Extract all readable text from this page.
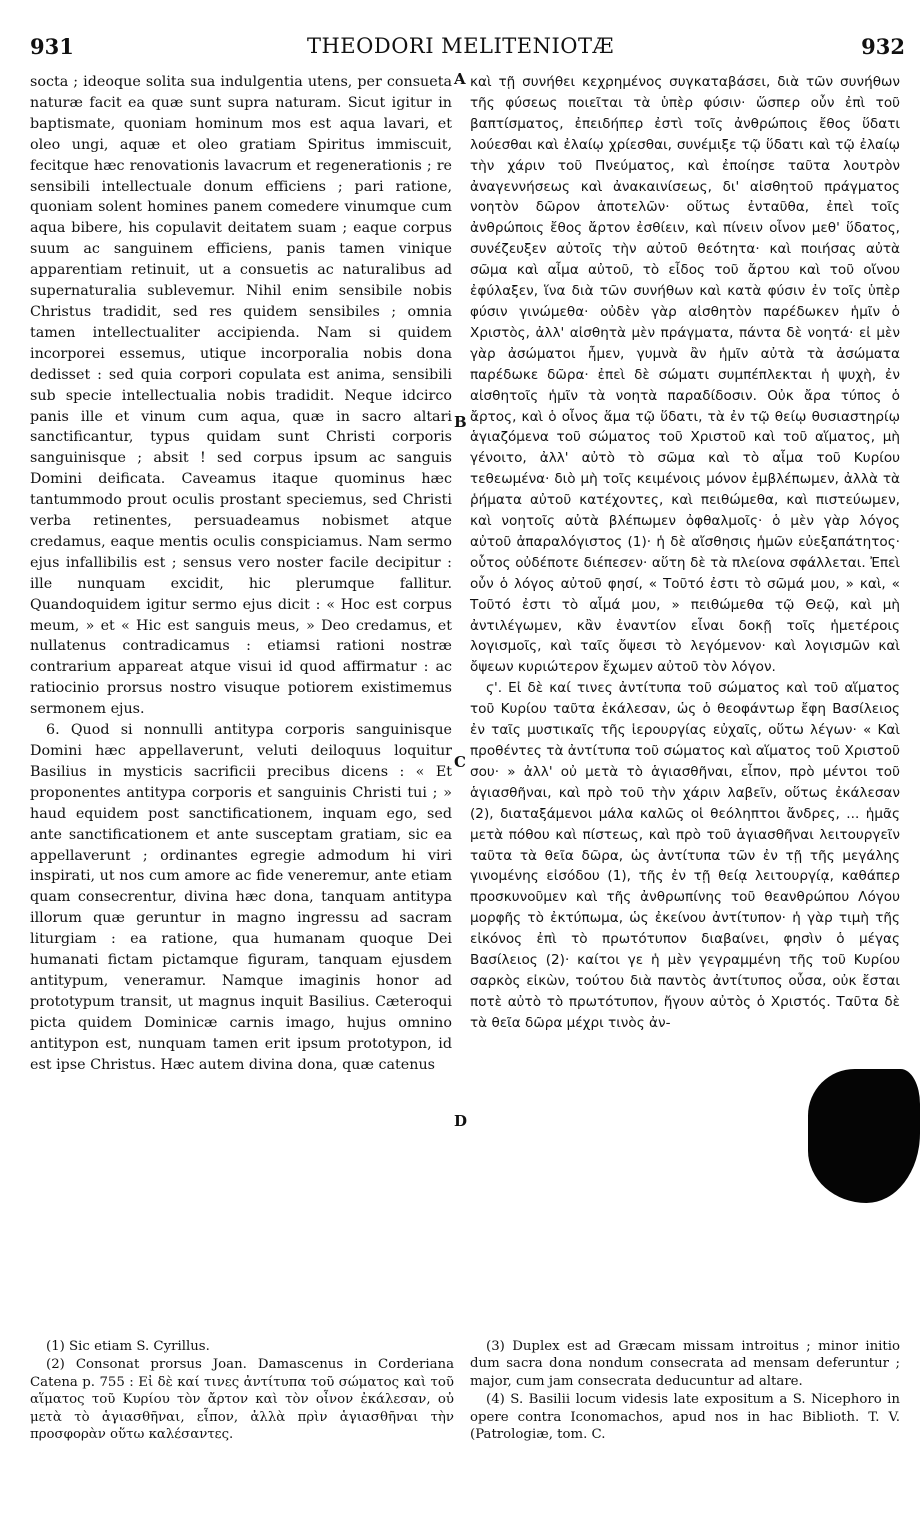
931	THEODORI MELITENIOTÆ	932

socta ; ideoque solita sua indulgentia utens, per consueta naturæ facit ea quæ sunt supra naturam. Sicut igitur in baptismate, quoniam hominum mos est aqua lavari, et oleo ungi, aquæ et oleo gratiam Spiritus immiscuit, fecitque hæc renovationis lavacrum et regenerationis ; re sensibili intellectuale donum efficiens ; pari ratione, quoniam solent homines panem comedere vinumque cum aqua bibere, his copulavit deitatem suam ; eaque corpus suum ac sanguinem efficiens, panis tamen vinique apparentiam retinuit, ut a consuetis ac naturalibus ad supernaturalia sublevemur. Nihil enim sensibile nobis Christus tradidit, sed res quidem sensibiles ; omnia tamen intellectualiter accipienda. Nam si quidem incorporei essemus, utique incorporalia nobis dona dedisset : sed quia corpori copulata est anima, sensibili sub specie intellectualia nobis tradidit. Neque idcirco panis ille et vinum cum aqua, quæ in sacro altari sanctificantur, typus quidam sunt Christi corporis sanguinisque ; absit ! sed corpus ipsum ac sanguis Domini deificata. Caveamus itaque quominus hæc tantummodo prout oculis prostant speciemus, sed Christi verba retinentes, persuadeamus nobismet atque credamus, eaque mentis oculis conspiciamus. Nam sermo ejus infallibilis est ; sensus vero noster facile decipitur : ille nunquam excidit, hic plerumque fallitur. Quandoquidem igitur sermo ejus dicit : « Hoc est corpus meum, » et « Hic est sanguis meus, » Deo credamus, et nullatenus contradicamus : etiamsi rationi nostræ contrarium appareat atque visui id quod affirmatur : ac ratiocinio prorsus nostro visuque potiorem existimemus sermonem ejus.

6. Quod si nonnulli antitypa corporis sanguinisque Domini hæc appellaverunt, veluti deiloquus loquitur Basilius in mysticis sacrificii precibus dicens : « Et proponentes antitypa corporis et sanguinis Christi tui ; » haud equidem post sanctificationem, inquam ego, sed ante sanctificationem et ante susceptam gratiam, sic ea appellaverunt ; ordinantes egregie admodum hi viri inspirati, ut nos cum amore ac fide veneremur, ante etiam quam consecrentur, divina hæc dona, tanquam antitypa illorum quæ geruntur in magno ingressu ad sacram liturgiam : ea ratione, qua humanam quoque Dei humanati fictam pictamque figuram, tanquam ejusdem antitypum, veneramur. Namque imaginis honor ad prototypum transit, ut magnus inquit Basilius. Cæteroqui picta quidem Dominicæ carnis imago, hujus omnino antitypon est, nunquam tamen erit ipsum prototypon, id est ipse Christus. Hæc autem divina dona, quæ catenus

A
B
C
D

καὶ τῇ συνήθει κεχρημένος συγκαταβάσει, διὰ τῶν συνήθων τῆς φύσεως ποιεῖται τὰ ὑπὲρ φύσιν· ὥσπερ οὖν ἐπὶ τοῦ βαπτίσματος, ἐπειδήπερ ἐστὶ τοῖς ἀνθρώποις ἔθος ὕδατι λούεσθαι καὶ ἐλαίῳ χρίεσθαι, συνέμιξε τῷ ὕδατι καὶ τῷ ἐλαίῳ τὴν χάριν τοῦ Πνεύματος, καὶ ἐποίησε ταῦτα λουτρὸν ἀναγεννήσεως καὶ ἀνακαινίσεως, δι' αἰσθητοῦ πράγματος νοητὸν δῶρον ἀποτελῶν· οὕτως ἐνταῦθα, ἐπεὶ τοῖς ἀνθρώποις ἔθος ἄρτον ἐσθίειν, καὶ πίνειν οἶνον μεθ' ὕδατος, συνέζευξεν αὐτοῖς τὴν αὐτοῦ θεότητα· καὶ ποιήσας αὐτὰ σῶμα καὶ αἷμα αὐτοῦ, τὸ εἶδος τοῦ ἄρτου καὶ τοῦ οἴνου ἐφύλαξεν, ἵνα διὰ τῶν συνήθων καὶ κατὰ φύσιν ἐν τοῖς ὑπὲρ φύσιν γινώμεθα· οὐδὲν γὰρ αἰσθητὸν παρέδωκεν ἡμῖν ὁ Χριστὸς, ἀλλ' αἰσθητὰ μὲν πράγματα, πάντα δὲ νοητά· εἰ μὲν γὰρ ἀσώματοι ἦμεν, γυμνὰ ἂν ἡμῖν αὐτὰ τὰ ἀσώματα παρέδωκε δῶρα· ἐπεὶ δὲ σώματι συμπέπλεκται ἡ ψυχὴ, ἐν αἰσθητοῖς ἡμῖν τὰ νοητὰ παραδίδοσιν. Οὐκ ἄρα τύπος ὁ ἄρτος, καὶ ὁ οἶνος ἅμα τῷ ὕδατι, τὰ ἐν τῷ θείῳ θυσιαστηρίῳ ἁγιαζόμενα τοῦ σώματος τοῦ Χριστοῦ καὶ τοῦ αἵματος, μὴ γένοιτο, ἀλλ' αὐτὸ τὸ σῶμα καὶ τὸ αἷμα τοῦ Κυρίου τεθεωμένα· διὸ μὴ τοῖς κειμένοις μόνον ἐμβλέπωμεν, ἀλλὰ τὰ ῥήματα αὐτοῦ κατέχοντες, καὶ πειθώμεθα, καὶ πιστεύωμεν, καὶ νοητοῖς αὐτὰ βλέπωμεν ὀφθαλμοῖς· ὁ μὲν γὰρ λόγος αὐτοῦ ἀπαραλόγιστος (1)· ἡ δὲ αἴσθησις ἡμῶν εὐεξαπάτητος· οὗτος οὐδέποτε διέπεσεν· αὕτη δὲ τὰ πλείονα σφάλλεται. Ἐπεὶ οὖν ὁ λόγος αὐτοῦ φησί, « Τοῦτό ἐστι τὸ σῶμά μου, » καὶ, « Τοῦτό ἐστι τὸ αἷμά μου, » πειθώμεθα τῷ Θεῷ, καὶ μὴ ἀντιλέγωμεν, κἂν ἐναντίον εἶναι δοκῇ τοῖς ἡμετέροις λογισμοῖς, καὶ ταῖς ὄψεσι τὸ λεγόμενον· καὶ λογισμῶν καὶ ὄψεων κυριώτερον ἔχωμεν αὐτοῦ τὸν λόγον.

ϛ'. Εἰ δὲ καί τινες ἀντίτυπα τοῦ σώματος καὶ τοῦ αἵματος τοῦ Κυρίου ταῦτα ἐκάλεσαν, ὡς ὁ θεοφάντωρ ἔφη Βασίλειος ἐν ταῖς μυστικαῖς τῆς ἱερουργίας εὐχαῖς, οὕτω λέγων· « Καὶ προθέντες τὰ ἀντίτυπα τοῦ σώματος καὶ αἵματος τοῦ Χριστοῦ σου· » ἀλλ' οὐ μετὰ τὸ ἁγιασθῆναι, εἶπον, πρὸ μέντοι τοῦ ἁγιασθῆναι, καὶ πρὸ τοῦ τὴν χάριν λαβεῖν, οὕτως ἐκάλεσαν (2), διαταξάμενοι μάλα καλῶς οἱ θεόληπτοι ἄνδρες, ... ἡμᾶς μετὰ πόθου καὶ πίστεως, καὶ πρὸ τοῦ ἁγιασθῆναι λειτουργεῖν ταῦτα τὰ θεῖα δῶρα, ὡς ἀντίτυπα τῶν ἐν τῇ τῆς μεγάλης γινομένης εἰσόδου (1), τῆς ἐν τῇ θείᾳ λειτουργίᾳ, καθάπερ προσκυνοῦμεν καὶ τῆς ἀνθρωπίνης τοῦ θεανθρώπου Λόγου μορφῆς τὸ ἐκτύπωμα, ὡς ἐκείνου ἀντίτυπον· ἡ γὰρ τιμὴ τῆς εἰκόνος ἐπὶ τὸ πρωτότυπον διαβαίνει, φησὶν ὁ μέγας Βασίλειος (2)· καίτοι γε ἡ μὲν γεγραμμένη τῆς τοῦ Κυρίου σαρκὸς εἰκὼν, τούτου διὰ παντὸς ἀντίτυπος οὖσα, οὐκ ἔσται ποτὲ αὐτὸ τὸ πρωτότυπον, ἤγουν αὐτὸς ὁ Χριστός. Ταῦτα δὲ τὰ θεῖα δῶρα μέχρι τινὸς ἀν-

(1) Sic etiam S. Cyrillus.

(2) Consonat prorsus Joan. Damascenus in Corderiana Catena p. 755 : Εἰ δὲ καί τινες ἀντίτυπα τοῦ σώματος καὶ τοῦ αἵματος τοῦ Κυρίου τὸν ἄρτον καὶ τὸν οἶνον ἐκάλεσαν, οὐ μετὰ τὸ ἁγιασθῆναι, εἶπον, ἀλλὰ πρὶν ἁγιασθῆναι τὴν προσφορὰν οὕτω καλέσαντες.

(3) Duplex est ad Græcam missam introitus ; minor initio dum sacra dona nondum consecrata ad mensam deferuntur ; major, cum jam consecrata deducuntur ad altare.

(4) S. Basilii locum videsis late expositum a S. Nicephoro in opere contra Iconomachos, apud nos in hac Biblioth. T. V. (Patrologiæ, tom. C.
